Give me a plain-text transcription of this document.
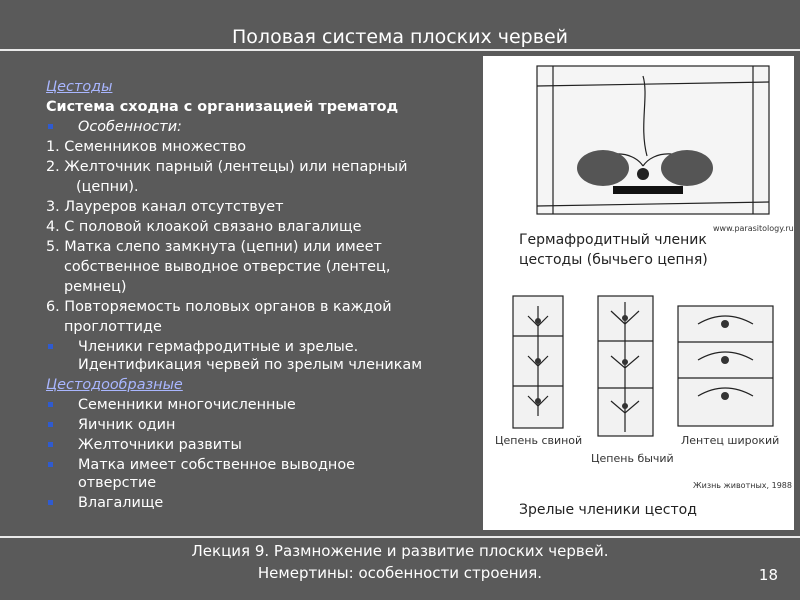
Половая система плоских червей
Цестоды
Система сходна с организацией трематод
Особенности:
1. Семенников множество
2. Желточник парный (лентецы) или непарный
(цепни).
3. Лауреров канал отсутствует
4. С половой клоакой связано влагалище
5. Матка слепо замкнута (цепни) или имеет
собственное выводное отверстие (лентец,
ремнец)
6. Повторяемость половых органов в каждой
проглоттиде
Членики гермафродитные и зрелые.
Идентификация червей по зрелым членикам
Цестодообразные
Семенники многочисленные
Яичник один
Желточники развиты
Матка имеет собственное выводное
отверстие
Влагалище
www.parasitology.ru
Гермафродитный членик
цестоды (бычьего цепня)
Цепень свиной	Лентец широкий
Цепень бычий
Жизнь животных, 1988
Зрелые членики цестод
Лекция 9. Размножение и развитие плоских червей.
Немертины: особенности строения.	18
